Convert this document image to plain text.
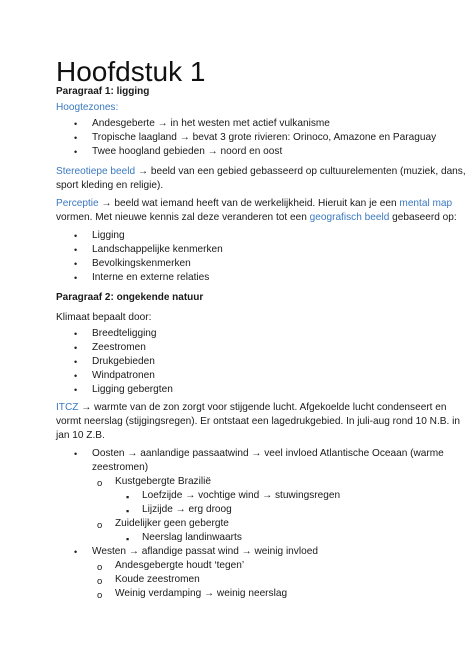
Hoofdstuk 1
Paragraaf 1: ligging
Hoogtezones:
•
Andesgeberte → in het westen met actief vulkanisme
•
Tropische laagland → bevat 3 grote rivieren: Orinoco, Amazone en Paraguay
•
Twee hoogland gebieden → noord en oost
Stereotiepe beeld → beeld van een gebied gebasseerd op cultuurelementen (muziek, dans,
sport kleding en religie).
Perceptie → beeld wat iemand heeft van de werkelijkheid. Hieruit kan je een mental map
vormen. Met nieuwe kennis zal deze veranderen tot een geografisch beeld gebaseerd op:
•
Ligging
•
Landschappelijke kenmerken
•
Bevolkingskenmerken
•
Interne en externe relaties
Paragraaf 2: ongekende natuur
Klimaat bepaalt door:
•
Breedteligging
•
Zeestromen
•
Drukgebieden
•
Windpatronen
•
Ligging gebergten
ITCZ → warmte van de zon zorgt voor stijgende lucht. Afgekoelde lucht condenseert en
vormt neerslag (stijgingsregen). Er ontstaat een lagedrukgebied. In juli-aug rond 10 N.B. in
jan 10 Z.B.
•
Oosten → aanlandige passaatwind → veel invloed Atlantische Oceaan (warme
zeestromen)
o
Kustgebergte Braziliё
▪
Loefzijde → vochtige wind → stuwingsregen
▪
Lijzijde → erg droog
o
Zuidelijker geen gebergte
▪
Neerslag landinwaarts
•
Westen → aflandige passat wind → weinig invloed
o
Andesgebergte houdt ‘tegen’
o
Koude zeestromen
o
Weinig verdamping → weinig neerslag
